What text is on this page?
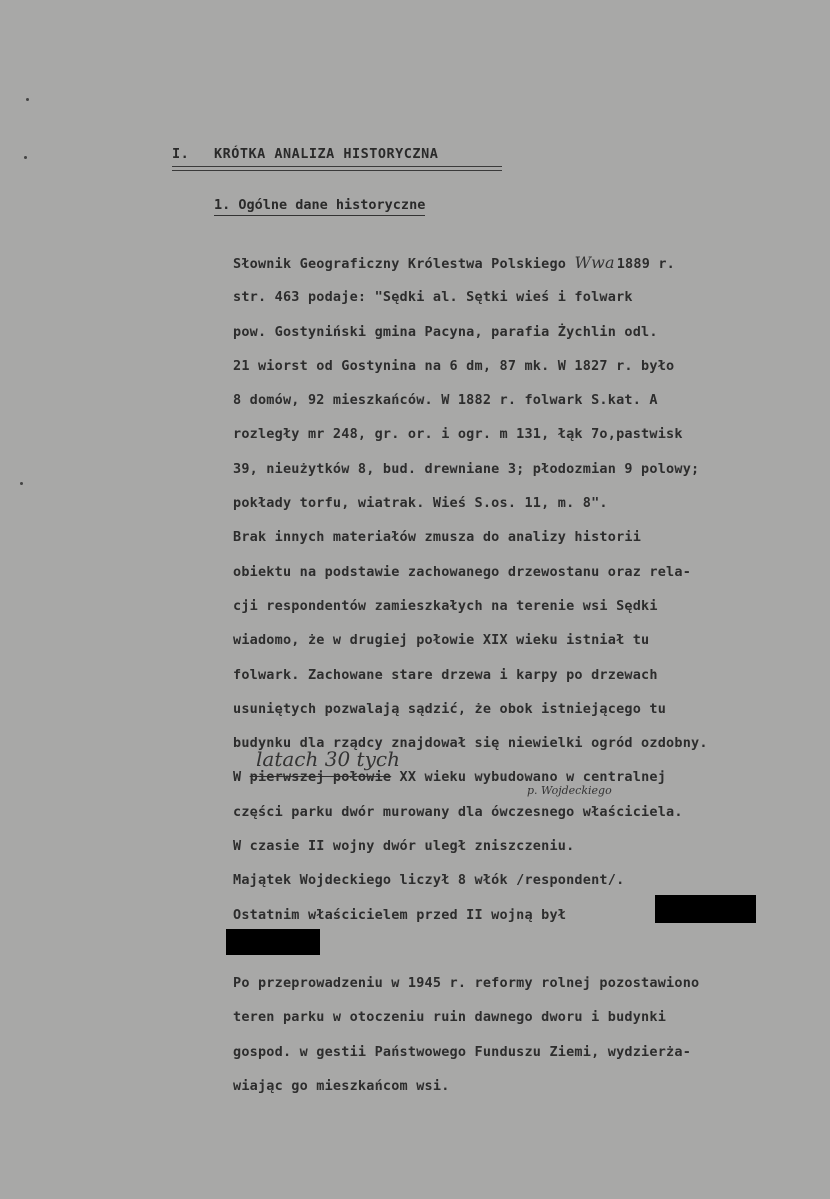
I. KRÓTKA ANALIZA HISTORYCZNA
1. Ogólne dane historyczne
Słownik Geograficzny Królestwa Polskiego Wwa 1889 r.
str. 463 podaje: "Sędki al. Sętki wieś i folwark
pow. Gostyniński gmina Pacyna, parafia Żychlin odl.
21 wiorst od Gostynina na 6 dm, 87 mk. W 1827 r. było
8 domów, 92 mieszkańców. W 1882 r. folwark S.kat. A
rozległy mr 248, gr. or. i ogr. m 131, łąk 7o,pastwisk
39, nieużytków 8, bud. drewniane 3; płodozmian 9 polowy;
pokłady torfu, wiatrak. Wieś S.os. 11, m. 8".
Brak innych materiałów zmusza do analizy historii
obiektu na podstawie zachowanego drzewostanu oraz rela-
cji respondentów zamieszkałych na terenie wsi Sędki
wiadomo, że w drugiej połowie XIX wieku istniał tu
folwark. Zachowane stare drzewa i karpy po drzewach
usuniętych pozwalają sądzić, że obok istniejącego tu
budynku dla rządcy znajdował się niewielki ogród ozdobny.
W pierwszej połowie XX wieku wybudowano w centralnej
części parku dwór murowany dla ówczesnego właściciela.
W czasie II wojny dwór uległ zniszczeniu.
Majątek Wojdeckiego liczył 8 włók /respondent/.
Ostatnim właścicielem przed II wojną był
Po przeprowadzeniu w 1945 r. reformy rolnej pozostawiono
teren parku w otoczeniu ruin dawnego dworu i budynki
gospod. w gestii Państwowego Funduszu Ziemi, wydzierża-
wiając go mieszkańcom wsi.
latach 30 tych
p. Wojdeckiego
